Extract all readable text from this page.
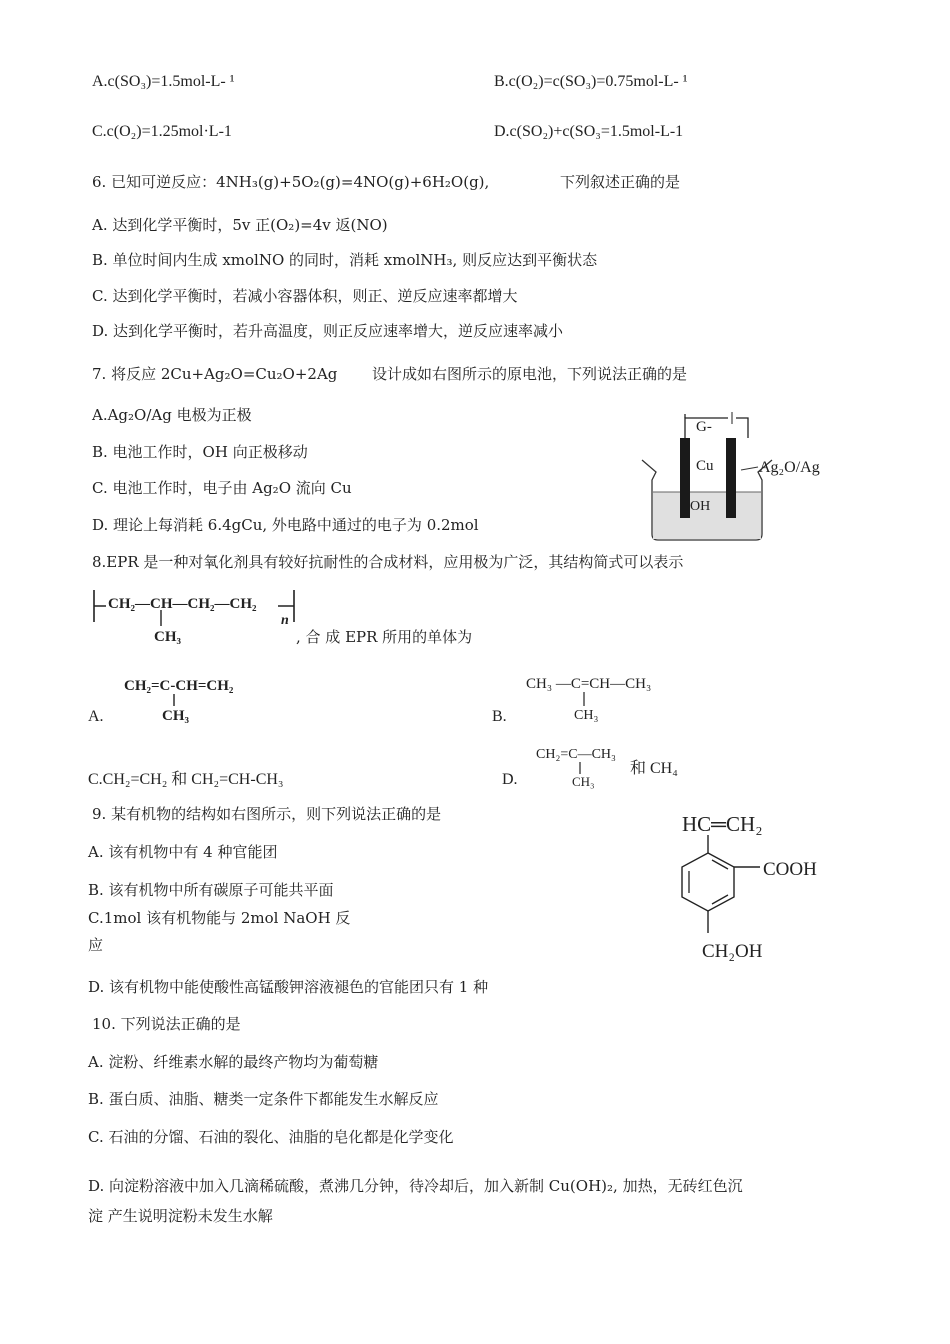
A.c(SO₃)=1.5mol-L- ¹	B.c(O₂)=c(SO₃)=0.75mol-L- ¹
C.c(O₂)=1.25mol·L-1	D.c(SO₂)+c(SO₃=1.5mol-L-1
6. 已知可逆反应：4NH₃(g)+5O₂(g)=4NO(g)+6H₂O(g),	下列叙述正确的是
A. 达到化学平衡时，5v 正(O₂)=4v 返(NO)
B. 单位时间内生成 xmolNO 的同时，消耗 xmolNH₃, 则反应达到平衡状态
C. 达到化学平衡时，若减小容器体积，则正、逆反应速率都增大
D. 达到化学平衡时，若升高温度，则正反应速率增大，逆反应速率减小
7. 将反应 2Cu+Ag₂O=Cu₂O+2Ag 设计成如右图所示的原电池，下列说法正确的是
A.Ag₂O/Ag 电极为正极
B. 电池工作时，OH 向正极移动
C. 电池工作时，电子由 Ag₂O 流向 Cu
D. 理论上每消耗 6.4gCu, 外电路中通过的电子为 0.2mol
G-
Cu	Ag₂O/Ag
OH
8.EPR 是一种对氧化剂具有较好抗耐性的合成材料，应用极为广泛，其结构简式可以表示
CH₂—CH—CH₂—CH₂
n
CH₃	, 合 成 EPR 所用的单体为
A.
CH₂=C-CH=CH₂
CH₃	B.
CH₃ —C=CH—CH₃
CH₃
C.CH₂=CH₂ 和 CH₂=CH-CH₃	D.
CH₂=C—CH₃
CH₃
和 CH₄
9. 某有机物的结构如右图所示，则下列说法正确的是
A. 该有机物中有 4 种官能团
B. 该有机物中所有碳原子可能共平面
C.1mol 该有机物能与 2mol NaOH 反
应
D. 该有机物中能使酸性高锰酸钾溶液褪色的官能团只有 1 种
HC═CH₂
COOH
CH₂OH
10. 下列说法正确的是
A. 淀粉、纤维素水解的最终产物均为葡萄糖
B. 蛋白质、油脂、糖类一定条件下都能发生水解反应
C. 石油的分馏、石油的裂化、油脂的皂化都是化学变化
D. 向淀粉溶液中加入几滴稀硫酸，煮沸几分钟，待冷却后，加入新制 Cu(OH)₂, 加热，无砖红色沉
淀 产生说明淀粉未发生水解
